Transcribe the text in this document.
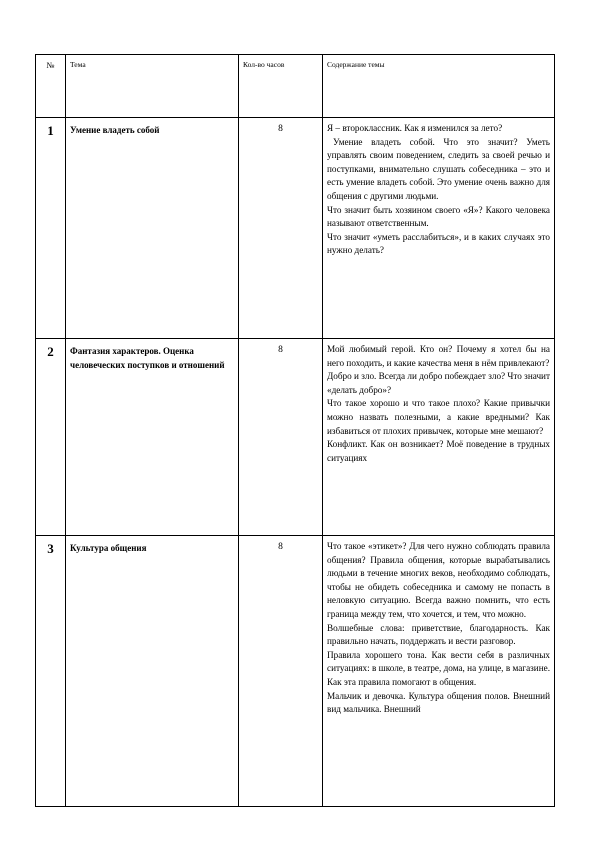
№	Тема	Кол-во часов	Содержание темы
1	Умение владеть собой	8	Я – второклассник. Как я изменился за лето?

Умение владеть собой. Что это значит? Уметь управлять своим поведением, следить за своей речью и поступками, внимательно слушать собеседника – это и есть умение владеть собой. Это умение очень важно для общения с другими людьми.

Что значит быть хозяином своего «Я»? Какого человека называют ответственным.

Что значит «уметь расслабиться», и в каких случаях это нужно делать?

2	Фантазия характеров. Оценка человеческих поступков и отношений	8	Мой любимый герой. Кто он? Почему я хотел бы на него походить, и какие качества меня в нём привлекают?

Добро и зло. Всегда ли добро побеждает зло? Что значит «делать добро»?

Что такое хорошо и что такое плохо? Какие привычки можно назвать полезными, а какие вредными? Как избавиться от плохих привычек, которые мне мешают?

Конфликт. Как он возникает? Моё поведение в трудных ситуациях

3	Культура общения	8	Что такое «этикет»? Для чего нужно соблюдать правила общения? Правила общения, которые вырабатывались людьми в течение многих веков, необходимо соблюдать, чтобы не обидеть собеседника и самому не попасть в неловкую ситуацию. Всегда важно помнить, что есть граница между тем, что хочется, и тем, что можно.

Волшебные слова: приветствие, благодарность. Как правильно начать, поддержать и вести разговор.

Правила хорошего тона. Как вести себя в различных ситуациях: в школе, в театре, дома, на улице, в магазине. Как эта правила помогают в общения.

Мальчик и девочка. Культура общения полов. Внешний вид мальчика. Внешний
